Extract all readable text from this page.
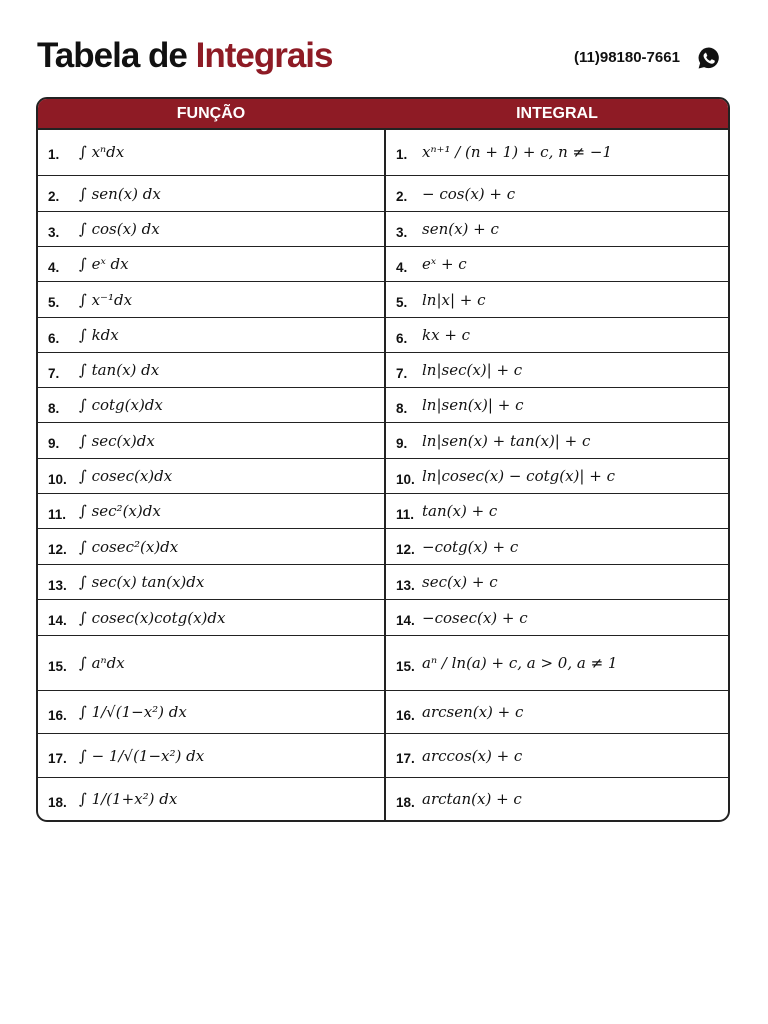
Tabela de Integrais	(11)98180-7661
FUNÇÃO	INTEGRAL
1.	∫ xⁿdx	1. xⁿ⁺¹ / (n + 1) + c, n ≠ −1
2.	∫ sen(x) dx	2. − cos(x) + c
3.	∫ cos(x) dx	3. sen(x) + c
4.	∫ eˣ dx	4. eˣ + c
5.	∫ x⁻¹dx	5. ln|x| + c
6.	∫ kdx	6. kx + c
7.	∫ tan(x) dx	7. ln|sec(x)| + c
8.	∫ cotg(x)dx	8. ln|sen(x)| + c
9.	∫ sec(x)dx	9. ln|sen(x) + tan(x)| + c
10. ∫ cosec(x)dx	10. ln|cosec(x) − cotg(x)| + c
11. ∫ sec²(x)dx	11. tan(x) + c
12. ∫ cosec²(x)dx	12. −cotg(x) + c
13. ∫ sec(x) tan(x)dx	13. sec(x) + c
14. ∫ cosec(x)cotg(x)dx	14. −cosec(x) + c
15. ∫ aⁿdx	15. aⁿ / ln(a) + c, a > 0, a ≠ 1
16. ∫ 1/√(1−x²) dx	16. arcsen(x) + c
17. ∫ − 1/√(1−x²) dx	17. arccos(x) + c
18. ∫ 1/(1+x²) dx	18. arctan(x) + c
